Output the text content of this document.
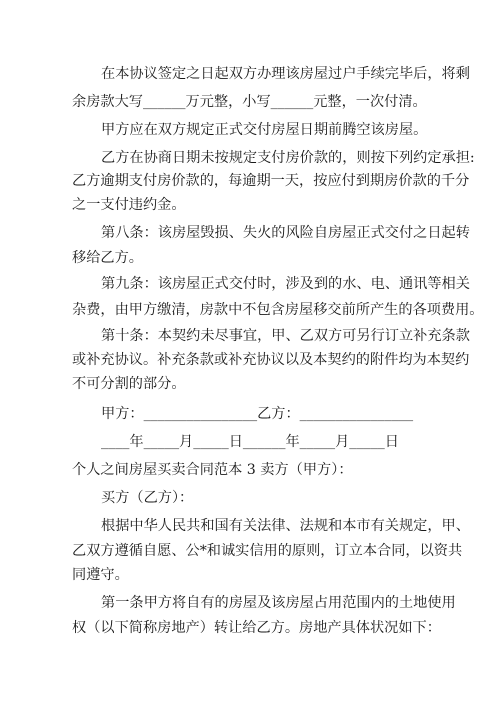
在本协议签定之日起双方办理该房屋过户手续完毕后，将剩
余房款大写______万元整，小写______元整，一次付清。
甲方应在双方规定正式交付房屋日期前腾空该房屋。
乙方在协商日期未按规定支付房价款的，则按下列约定承担:
乙方逾期支付房价款的，每逾期一天，按应付到期房价款的千分
之一支付违约金。
第八条：该房屋毁损、失火的风险自房屋正式交付之日起转
移给乙方。
第九条：该房屋正式交付时，涉及到的水、电、通讯等相关
杂费，由甲方缴清，房款中不包含房屋移交前所产生的各项费用。
第十条：本契约未尽事宜，甲、乙双方可另行订立补充条款
或补充协议。补充条款或补充协议以及本契约的附件均为本契约
不可分割的部分。
甲方：________________乙方：________________
____年_____月_____日______年_____月_____日
个人之间房屋买卖合同范本 3 卖方（甲方）：
买方（乙方）：
根据中华人民共和国有关法律、法规和本市有关规定，甲、
乙双方遵循自愿、公*和诚实信用的原则，订立本合同，以资共
同遵守。
第一条甲方将自有的房屋及该房屋占用范围内的土地使用
权（以下简称房地产）转让给乙方。房地产具体状况如下：
